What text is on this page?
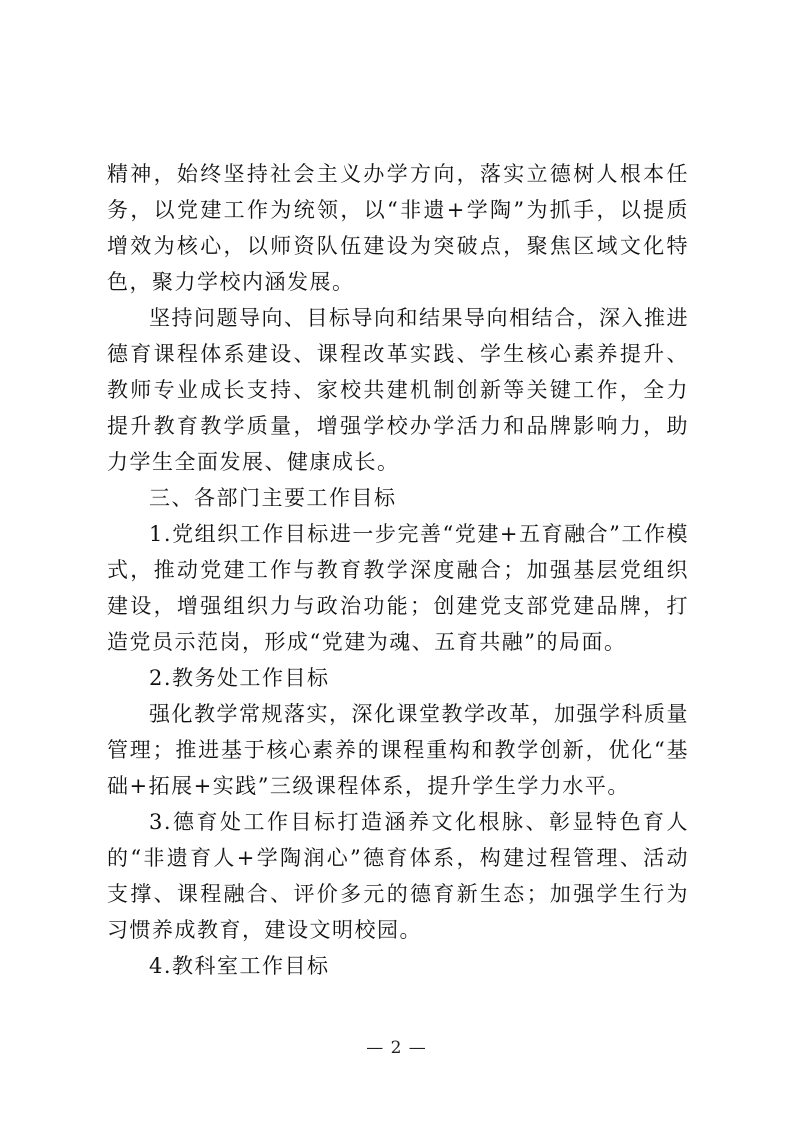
精神，始终坚持社会主义办学方向，落实立德树人根本任务，以党建工作为统领，以“非遗+学陶”为抓手，以提质增效为核心，以师资队伍建设为突破点，聚焦区域文化特色，聚力学校内涵发展。

坚持问题导向、目标导向和结果导向相结合，深入推进德育课程体系建设、课程改革实践、学生核心素养提升、教师专业成长支持、家校共建机制创新等关键工作，全力提升教育教学质量，增强学校办学活力和品牌影响力，助力学生全面发展、健康成长。

三、各部门主要工作目标

1.党组织工作目标进一步完善“党建+五育融合”工作模式，推动党建工作与教育教学深度融合；加强基层党组织建设，增强组织力与政治功能；创建党支部党建品牌，打造党员示范岗，形成“党建为魂、五育共融”的局面。

2.教务处工作目标

强化教学常规落实，深化课堂教学改革，加强学科质量管理；推进基于核心素养的课程重构和教学创新，优化“基础+拓展+实践”三级课程体系，提升学生学力水平。

3.德育处工作目标打造涵养文化根脉、彰显特色育人的“非遗育人+学陶润心”德育体系，构建过程管理、活动支撑、课程融合、评价多元的德育新生态；加强学生行为习惯养成教育，建设文明校园。

4.教科室工作目标

— 2 —
